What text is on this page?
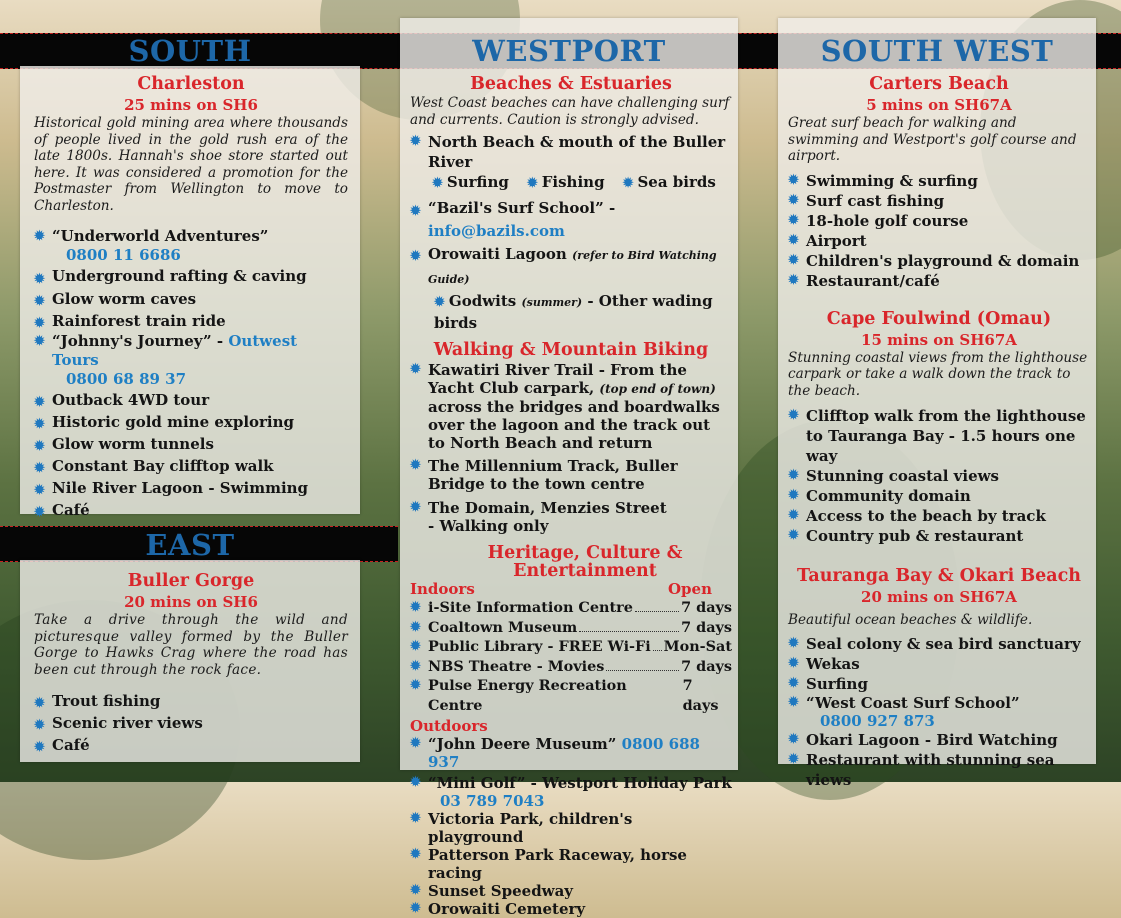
SOUTH	WESTPORT	SOUTH WEST
EAST

Charleston

25 mins on SH6

Historical gold mining area where thousands of people lived in the gold rush era of the late 1800s. Hannah's shoe store started out here. It was considered a promotion for the Postmaster from Wellington to move to Charleston.

✹ “Underworld Adventures”
0800 11 6686
✹ Underground rafting & caving
✹ Glow worm caves
✹ Rainforest train ride
✹ “Johnny's Journey” - Outwest Tours
0800 68 89 37
✹ Outback 4WD tour
✹ Historic gold mine exploring
✹ Glow worm tunnels
✹ Constant Bay clifftop walk
✹ Nile River Lagoon - Swimming
✹ Café

Buller Gorge

20 mins on SH6

Take a drive through the wild and picturesque valley formed by the Buller Gorge to Hawks Crag where the road has been cut through the rock face.

✹ Trout fishing
✹ Scenic river views
✹ Café

Beaches & Estuaries

West Coast beaches can have challenging surf and currents. Caution is strongly advised.

✹ North Beach & mouth of the Buller River
✹ Surfing ✹ Fishing ✹ Sea birds
✹ “Bazil's Surf School” - info@bazils.com
✹ Orowaiti Lagoon (refer to Bird Watching Guide)
✹ Godwits (summer) - Other wading birds

Walking & Mountain Biking

✹ Kawatiri River Trail - From the Yacht Club carpark, (top end of town) across the bridges and boardwalks over the lagoon and the track out to North Beach and return
✹ The Millennium Track, Buller Bridge to the town centre
✹ The Domain, Menzies Street - Walking only

Heritage, Culture & Entertainment

Indoors	Open
✹ i-Site Information Centre	7 days
✹ Coaltown Museum	7 days
✹ Public Library - FREE Wi-Fi Mon-Sat
✹ NBS Theatre - Movies	7 days
✹ Pulse Energy Recreation Centre
7 days
Outdoors
✹ “John Deere Museum” 0800 688 937
✹ “Mini Golf” - Westport Holiday Park
03 789 7043
✹ Victoria Park, children's playground
✹ Patterson Park Raceway, horse racing
✹ Sunset Speedway
✹ Orowaiti Cemetery

Carters Beach

5 mins on SH67A

Great surf beach for walking and swimming and Westport's golf course and airport.

✹ Swimming & surfing
✹ Surf cast fishing
✹ 18-hole golf course
✹ Airport
✹ Children's playground & domain
✹ Restaurant/café

Cape Foulwind (Omau)

15 mins on SH67A

Stunning coastal views from the lighthouse carpark or take a walk down the track to the beach.

✹ Clifftop walk from the lighthouse to Tauranga Bay - 1.5 hours one way
✹ Stunning coastal views
✹ Community domain
✹ Access to the beach by track
✹ Country pub & restaurant

Tauranga Bay & Okari Beach

20 mins on SH67A

Beautiful ocean beaches & wildlife.

✹ Seal colony & sea bird sanctuary
✹ Wekas
✹ Surfing
✹ “West Coast Surf School”
0800 927 873
✹ Okari Lagoon - Bird Watching
✹ Restaurant with stunning sea views
